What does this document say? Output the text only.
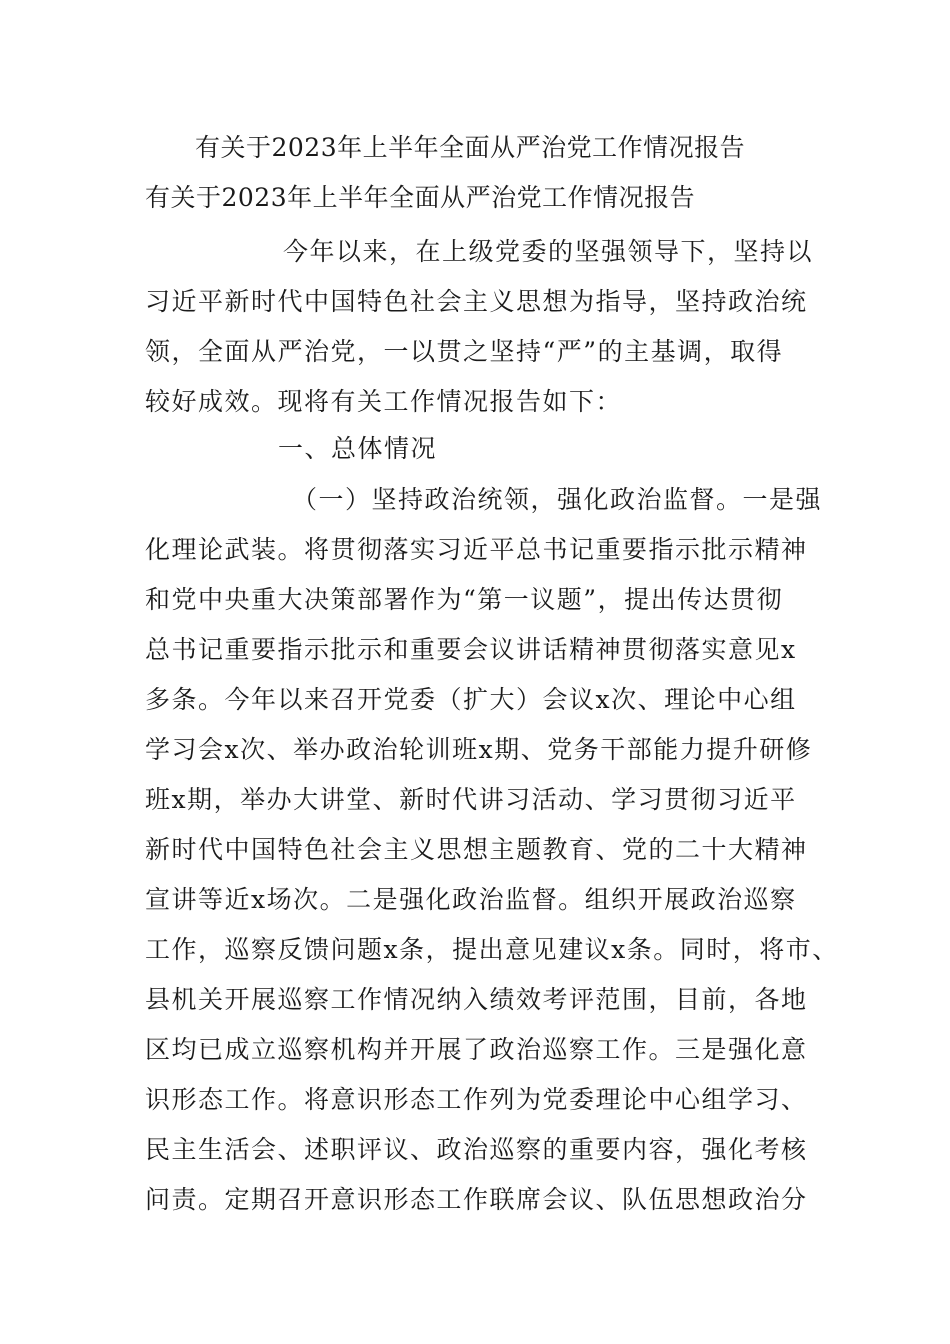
有关于2023年上半年全面从严治党工作情况报告
有关于2023年上半年全面从严治党工作情况报告
今年以来，在上级党委的坚强领导下，坚持以
习近平新时代中国特色社会主义思想为指导，坚持政治统
领，全面从严治党，一以贯之坚持“严”的主基调，取得
较好成效。现将有关工作情况报告如下：
一、总体情况
（一）坚持政治统领，强化政治监督。一是强
化理论武装。将贯彻落实习近平总书记重要指示批示精神
和党中央重大决策部署作为“第一议题”，提出传达贯彻
总书记重要指示批示和重要会议讲话精神贯彻落实意见x
多条。今年以来召开党委（扩大）会议x次、理论中心组
学习会x次、举办政治轮训班x期、党务干部能力提升研修
班x期，举办大讲堂、新时代讲习活动、学习贯彻习近平
新时代中国特色社会主义思想主题教育、党的二十大精神
宣讲等近x场次。二是强化政治监督。组织开展政治巡察
工作，巡察反馈问题x条，提出意见建议x条。同时，将市、
县机关开展巡察工作情况纳入绩效考评范围，目前，各地
区均已成立巡察机构并开展了政治巡察工作。三是强化意
识形态工作。将意识形态工作列为党委理论中心组学习、
民主生活会、述职评议、政治巡察的重要内容，强化考核
问责。定期召开意识形态工作联席会议、队伍思想政治分
